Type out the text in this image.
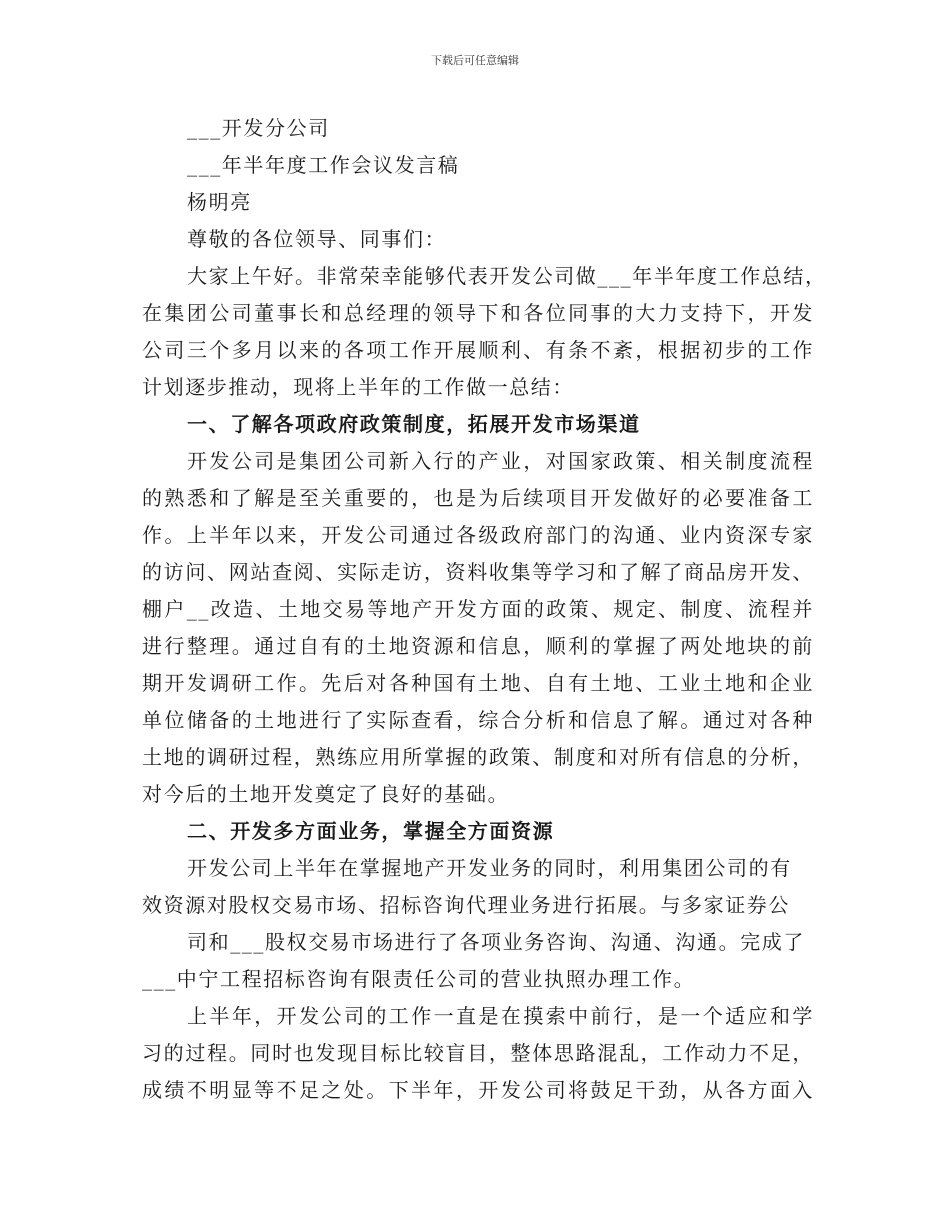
下载后可任意编辑
___开发分公司
___年半年度工作会议发言稿
杨明亮
尊敬的各位领导、同事们：
大家上午好。非常荣幸能够代表开发公司做___年半年度工作总结，
在集团公司董事长和总经理的领导下和各位同事的大力支持下，开发
公司三个多月以来的各项工作开展顺利、有条不紊，根据初步的工作
计划逐步推动，现将上半年的工作做一总结：
一、了解各项政府政策制度，拓展开发市场渠道
开发公司是集团公司新入行的产业，对国家政策、相关制度流程
的熟悉和了解是至关重要的，也是为后续项目开发做好的必要准备工
作。上半年以来，开发公司通过各级政府部门的沟通、业内资深专家
的访问、网站查阅、实际走访，资料收集等学习和了解了商品房开发、
棚户__改造、土地交易等地产开发方面的政策、规定、制度、流程并
进行整理。通过自有的土地资源和信息，顺利的掌握了两处地块的前
期开发调研工作。先后对各种国有土地、自有土地、工业土地和企业
单位储备的土地进行了实际查看，综合分析和信息了解。通过对各种
土地的调研过程，熟练应用所掌握的政策、制度和对所有信息的分析，
对今后的土地开发奠定了良好的基础。
二、开发多方面业务，掌握全方面资源
开发公司上半年在掌握地产开发业务的同时，利用集团公司的有
效资源对股权交易市场、招标咨询代理业务进行拓展。与多家证券公
司和___股权交易市场进行了各项业务咨询、沟通、沟通。完成了
___中宁工程招标咨询有限责任公司的营业执照办理工作。
上半年，开发公司的工作一直是在摸索中前行，是一个适应和学
习的过程。同时也发现目标比较盲目，整体思路混乱，工作动力不足，
成绩不明显等不足之处。下半年，开发公司将鼓足干劲，从各方面入
